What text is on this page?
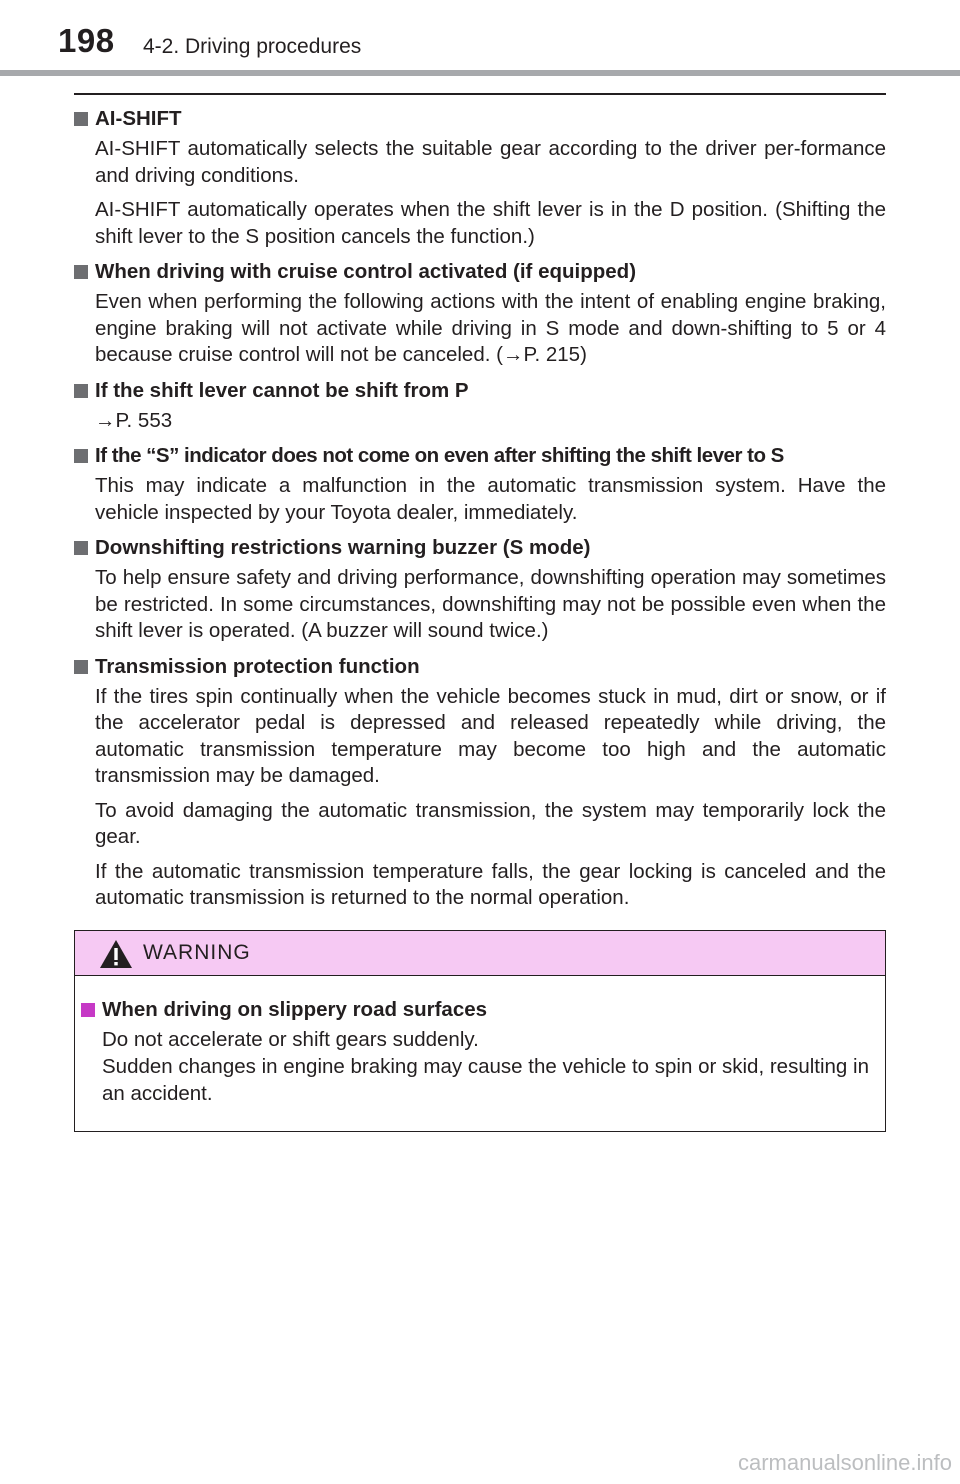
198 4-2. Driving procedures
AI-SHIFT
AI-SHIFT automatically selects the suitable gear according to the driver per-formance and driving conditions.
AI-SHIFT automatically operates when the shift lever is in the D position. (Shifting the shift lever to the S position cancels the function.)
When driving with cruise control activated (if equipped)
Even when performing the following actions with the intent of enabling engine braking, engine braking will not activate while driving in S mode and down-shifting to 5 or 4 because cruise control will not be canceled. (→P. 215)
If the shift lever cannot be shift from P
→P. 553
If the “S” indicator does not come on even after shifting the shift lever to S
This may indicate a malfunction in the automatic transmission system. Have the vehicle inspected by your Toyota dealer, immediately.
Downshifting restrictions warning buzzer (S mode)
To help ensure safety and driving performance, downshifting operation may sometimes be restricted. In some circumstances, downshifting may not be possible even when the shift lever is operated. (A buzzer will sound twice.)
Transmission protection function
If the tires spin continually when the vehicle becomes stuck in mud, dirt or snow, or if the accelerator pedal is depressed and released repeatedly while driving, the automatic transmission temperature may become too high and the automatic transmission may be damaged.
To avoid damaging the automatic transmission, the system may temporarily lock the gear.
If the automatic transmission temperature falls, the gear locking is canceled and the automatic transmission is returned to the normal operation.
WARNING
When driving on slippery road surfaces
Do not accelerate or shift gears suddenly.
Sudden changes in engine braking may cause the vehicle to spin or skid, resulting in an accident.
carmanualsonline.info
